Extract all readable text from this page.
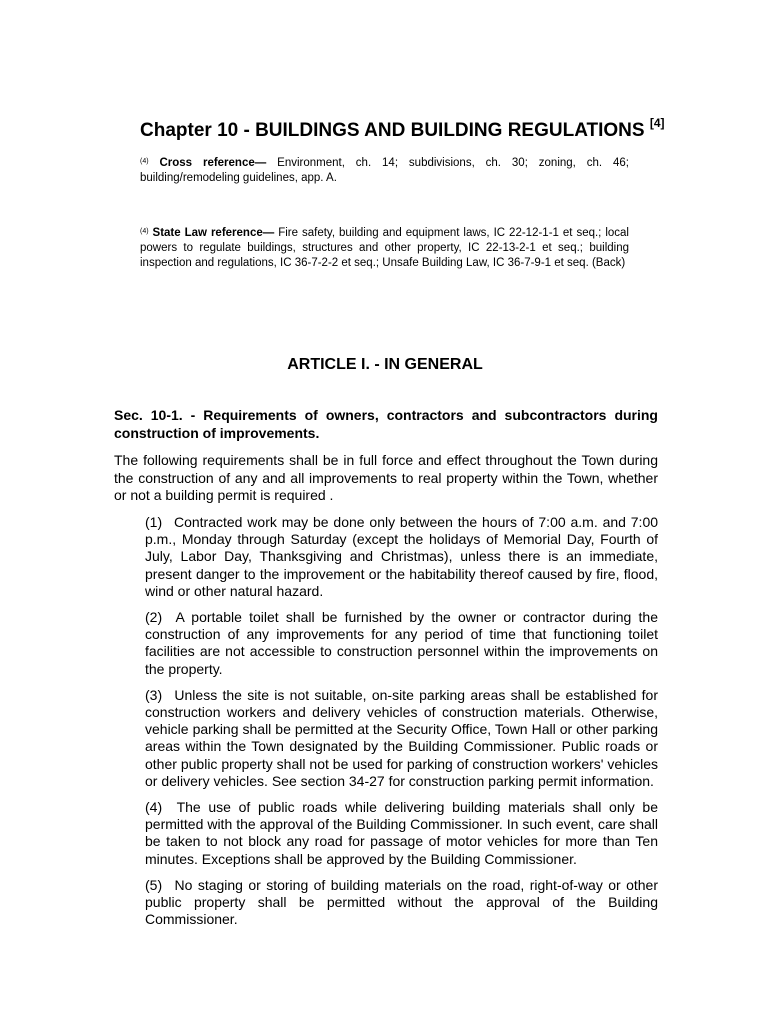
Chapter 10 - BUILDINGS AND BUILDING REGULATIONS [4]

$^{(4)}$ Cross reference— Environment, ch. 14; subdivisions, ch. 30; zoning, ch. 46; building/remodeling guidelines, app. A.

$^{(4)}$ State Law reference— Fire safety, building and equipment laws, IC 22-12-1-1 et seq.; local powers to regulate buildings, structures and other property, IC 22-13-2-1 et seq.; building inspection and regulations, IC 36-7-2-2 et seq.; Unsafe Building Law, IC 36-7-9-1 et seq. (Back)

ARTICLE I. - IN GENERAL
Sec. 10-1. - Requirements of owners, contractors and subcontractors during construction of improvements.

The following requirements shall be in full force and effect throughout the Town during the construction of any and all improvements to real property within the Town, whether or not a building permit is required .

(1) Contracted work may be done only between the hours of 7:00 a.m. and 7:00 p.m., Monday through Saturday (except the holidays of Memorial Day, Fourth of July, Labor Day, Thanksgiving and Christmas), unless there is an immediate, present danger to the improvement or the habitability thereof caused by fire, flood, wind or other natural hazard.

(2) A portable toilet shall be furnished by the owner or contractor during the construction of any improvements for any period of time that functioning toilet facilities are not accessible to construction personnel within the improvements on the property.

(3) Unless the site is not suitable, on-site parking areas shall be established for construction workers and delivery vehicles of construction materials. Otherwise, vehicle parking shall be permitted at the Security Office, Town Hall or other parking areas within the Town designated by the Building Commissioner. Public roads or other public property shall not be used for parking of construction workers' vehicles or delivery vehicles. See section 34-27 for construction parking permit information.

(4) The use of public roads while delivering building materials shall only be permitted with the approval of the Building Commissioner. In such event, care shall be taken to not block any road for passage of motor vehicles for more than Ten minutes. Exceptions shall be approved by the Building Commissioner.

(5) No staging or storing of building materials on the road, right-of-way or other public property shall be permitted without the approval of the Building Commissioner.
